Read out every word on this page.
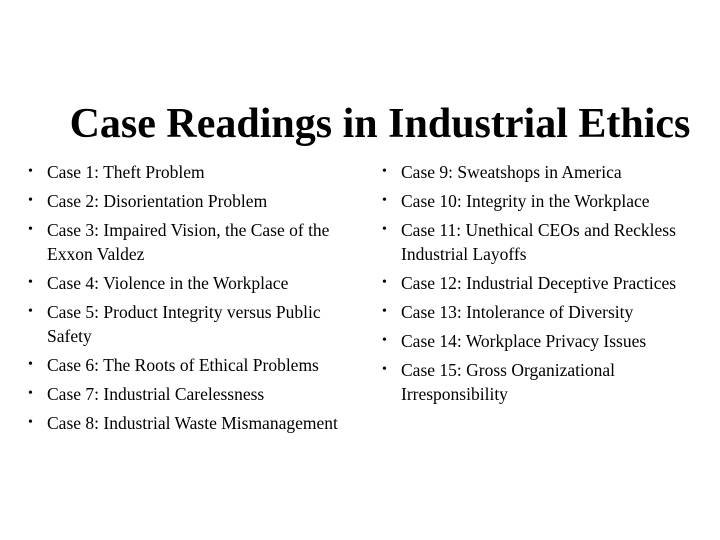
Case Readings in Industrial Ethics
• Case 1: Theft Problem
• Case 2: Disorientation Problem
• Case 3: Impaired Vision, the Case of the Exxon Valdez
• Case 4: Violence in the Workplace
• Case 5: Product Integrity versus Public Safety
• Case 6: The Roots of Ethical Problems
• Case 7: Industrial Carelessness
• Case 8: Industrial Waste Mismanagement
• Case 9: Sweatshops in America
• Case 10: Integrity in the Workplace
• Case 11: Unethical CEOs and Reckless Industrial Layoffs
• Case 12: Industrial Deceptive Practices
• Case 13: Intolerance of Diversity
• Case 14: Workplace Privacy Issues
• Case 15: Gross Organizational Irresponsibility
